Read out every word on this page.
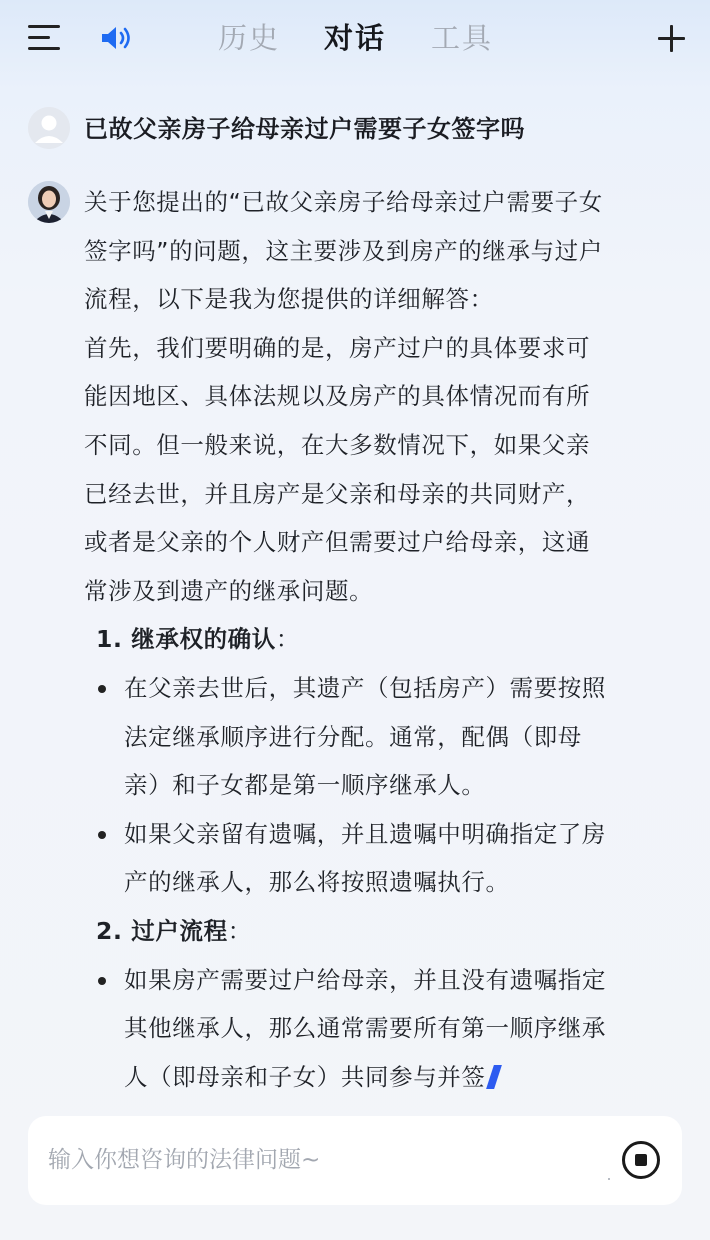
历史 对话 工具
已故父亲房子给母亲过户需要子女签字吗

关于您提出的“已故父亲房子给母亲过户需要子女

签字吗”的问题，这主要涉及到房产的继承与过户

流程，以下是我为您提供的详细解答：

首先，我们要明确的是，房产过户的具体要求可

能因地区、具体法规以及房产的具体情况而有所

不同。但一般来说，在大多数情况下，如果父亲

已经去世，并且房产是父亲和母亲的共同财产，

或者是父亲的个人财产但需要过户给母亲，这通

常涉及到遗产的继承问题。

1. 继承权的确认：

在父亲去世后，其遗产（包括房产）需要按照

法定继承顺序进行分配。通常，配偶（即母

亲）和子女都是第一顺序继承人。

如果父亲留有遗嘱，并且遗嘱中明确指定了房

产的继承人，那么将按照遗嘱执行。

2. 过户流程：

如果房产需要过户给母亲，并且没有遗嘱指定

其他继承人，那么通常需要所有第一顺序继承

人（即母亲和子女）共同参与并签

输入你想咨询的法律问题~
